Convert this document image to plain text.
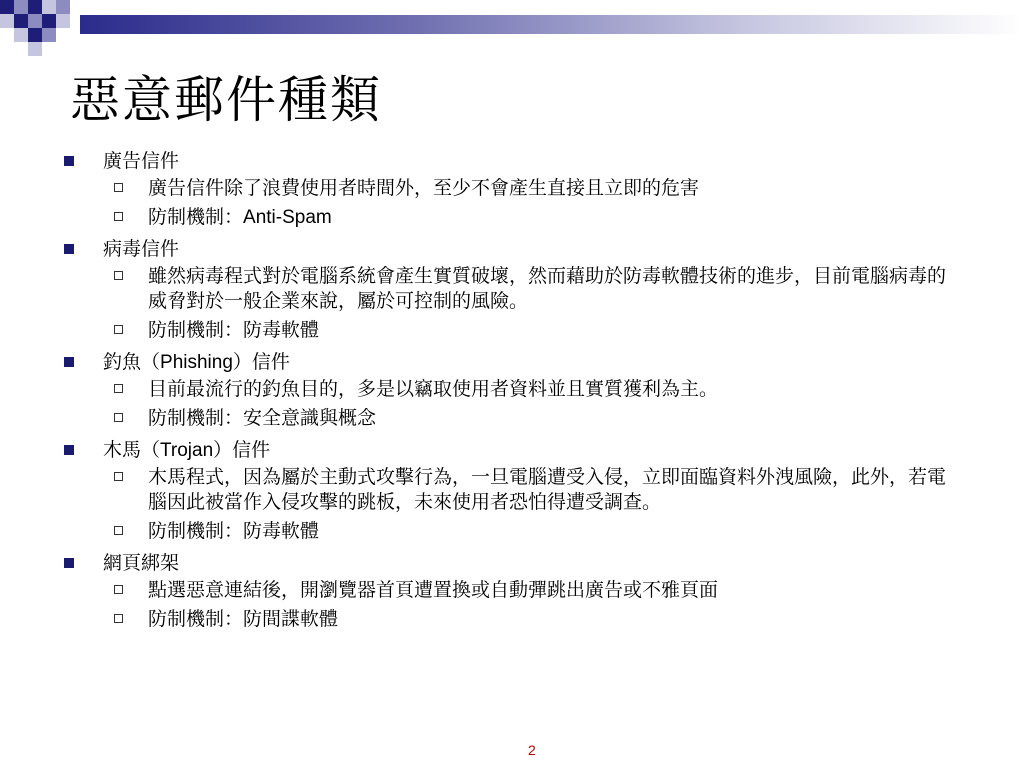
惡意郵件種類
廣告信件
廣告信件除了浪費使用者時間外，至少不會產生直接且立即的危害
防制機制：Anti-Spam
病毒信件
雖然病毒程式對於電腦系統會產生實質破壞，然而藉助於防毒軟體技術的進步，目前電腦病毒的威脅對於一般企業來說，屬於可控制的風險。
防制機制：防毒軟體
釣魚（Phishing）信件
目前最流行的釣魚目的，多是以竊取使用者資料並且實質獲利為主。
防制機制：安全意識與概念
木馬（Trojan）信件
木馬程式，因為屬於主動式攻擊行為，一旦電腦遭受入侵，立即面臨資料外洩風險，此外，若電腦因此被當作入侵攻擊的跳板，未來使用者恐怕得遭受調查。
防制機制：防毒軟體
網頁綁架
點選惡意連結後，開瀏覽器首頁遭置換或自動彈跳出廣告或不雅頁面
防制機制：防間諜軟體
2
